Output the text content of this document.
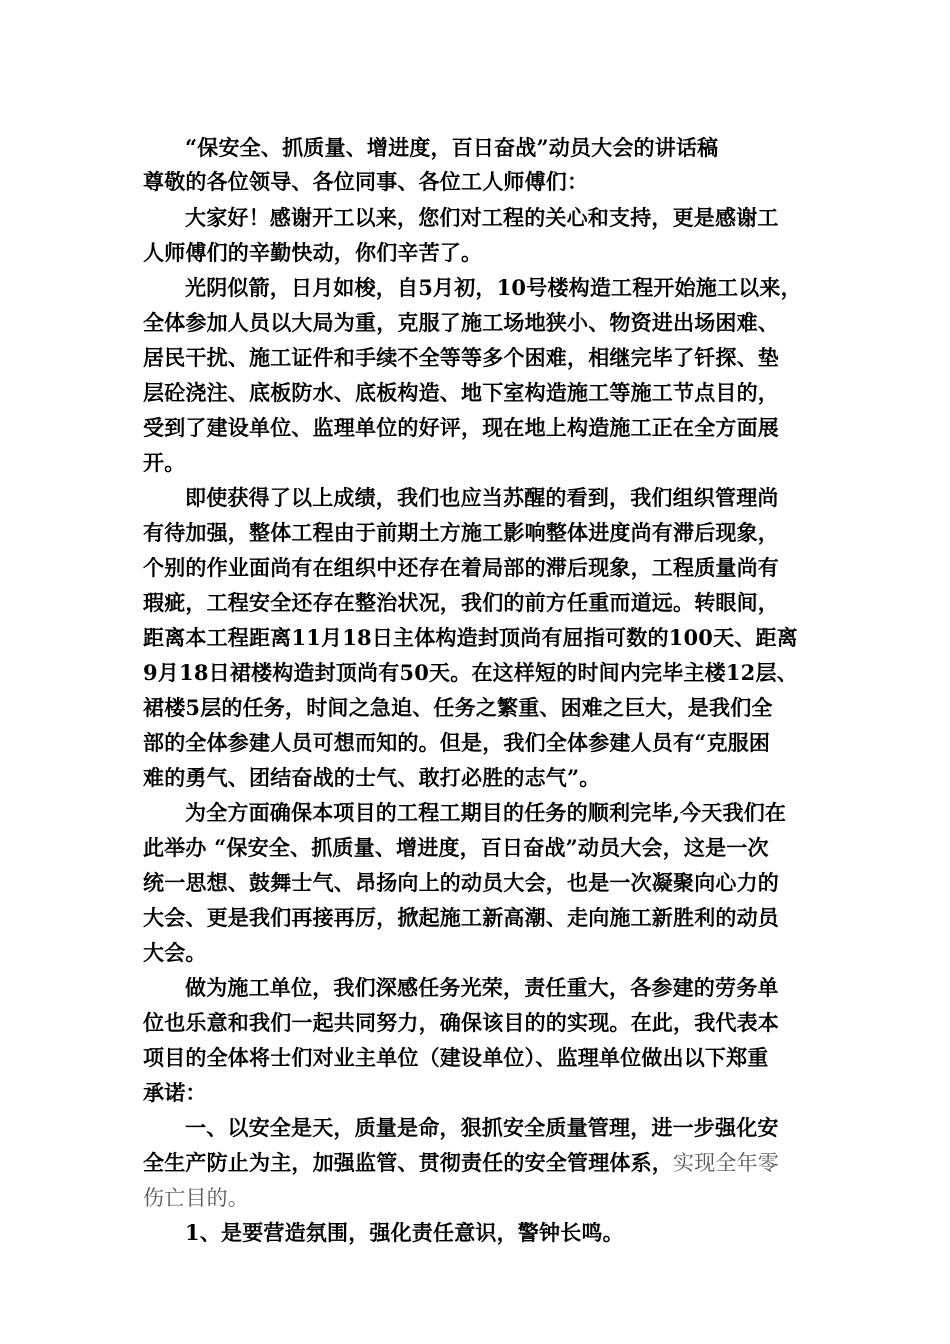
“保安全、抓质量、增进度，百日奋战”动员大会的讲话稿
尊敬的各位领导、各位同事、各位工人师傅们：
大家好！感谢开工以来，您们对工程的关心和支持，更是感谢工
人师傅们的辛勤快动，你们辛苦了。
光阴似箭，日月如梭，自5月初，10号楼构造工程开始施工以来，
全体参加人员以大局为重，克服了施工场地狭小、物资进出场困难、
居民干扰、施工证件和手续不全等等多个困难，相继完毕了钎探、垫
层砼浇注、底板防水、底板构造、地下室构造施工等施工节点目的，
受到了建设单位、监理单位的好评，现在地上构造施工正在全方面展
开。
即使获得了以上成绩，我们也应当苏醒的看到，我们组织管理尚
有待加强，整体工程由于前期土方施工影响整体进度尚有滞后现象，
个别的作业面尚有在组织中还存在着局部的滞后现象，工程质量尚有
瑕疵，工程安全还存在整治状况，我们的前方任重而道远。转眼间，
距离本工程距离11月18日主体构造封顶尚有屈指可数的100天、距离
9月18日裙楼构造封顶尚有50天。在这样短的时间内完毕主楼12层、
裙楼5层的任务，时间之急迫、任务之繁重、困难之巨大，是我们全
部的全体参建人员可想而知的。但是，我们全体参建人员有“克服困
难的勇气、团结奋战的士气、敢打必胜的志气”。
为全方面确保本项目的工程工期目的任务的顺利完毕,今天我们在
此举办 “保安全、抓质量、增进度，百日奋战”动员大会，这是一次
统一思想、鼓舞士气、昂扬向上的动员大会，也是一次凝聚向心力的
大会、更是我们再接再厉，掀起施工新高潮、走向施工新胜利的动员
大会。
做为施工单位，我们深感任务光荣，责任重大，各参建的劳务单
位也乐意和我们一起共同努力，确保该目的的实现。在此，我代表本
项目的全体将士们对业主单位（建设单位）、监理单位做出以下郑重
承诺：
一、以安全是天，质量是命，狠抓安全质量管理，进一步强化安
全生产防止为主，加强监管、贯彻责任的安全管理体系，实现全年零
伤亡目的。
1、是要营造氛围，强化责任意识，警钟长鸣。
